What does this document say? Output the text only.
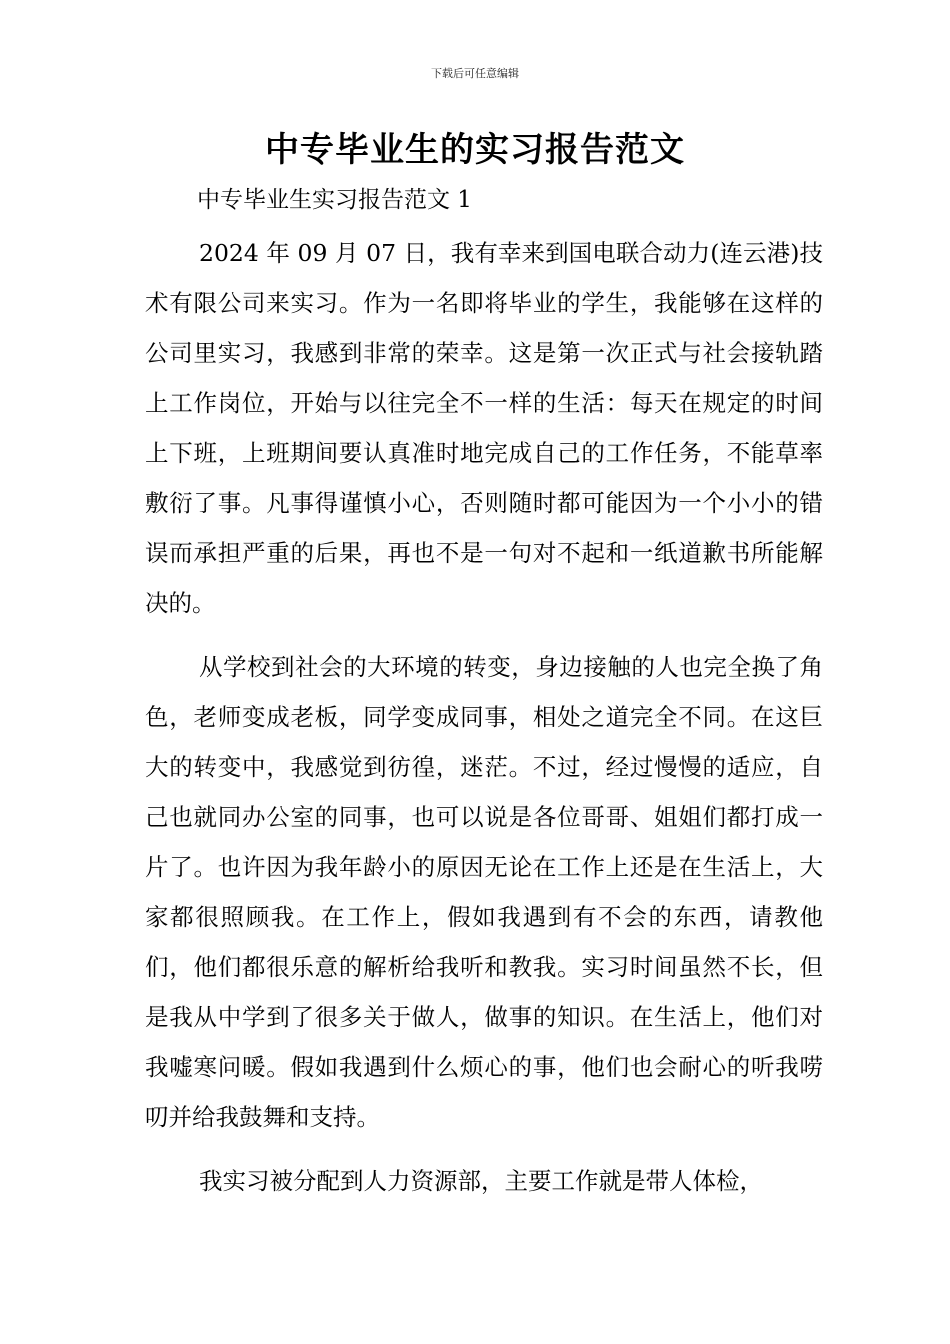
下载后可任意编辑
中专毕业生的实习报告范文

中专毕业生实习报告范文 1

2024 年 09 月 07 日，我有幸来到国电联合动力(连云港)技术有限公司来实习。作为一名即将毕业的学生，我能够在这样的公司里实习，我感到非常的荣幸。这是第一次正式与社会接轨踏上工作岗位，开始与以往完全不一样的生活：每天在规定的时间上下班，上班期间要认真准时地完成自己的工作任务，不能草率敷衍了事。凡事得谨慎小心，否则随时都可能因为一个小小的错误而承担严重的后果，再也不是一句对不起和一纸道歉书所能解决的。

从学校到社会的大环境的转变，身边接触的人也完全换了角色，老师变成老板，同学变成同事，相处之道完全不同。在这巨大的转变中，我感觉到彷徨，迷茫。不过，经过慢慢的适应，自己也就同办公室的同事，也可以说是各位哥哥、姐姐们都打成一片了。也许因为我年龄小的原因无论在工作上还是在生活上，大家都很照顾我。在工作上，假如我遇到有不会的东西，请教他们，他们都很乐意的解析给我听和教我。实习时间虽然不长，但是我从中学到了很多关于做人，做事的知识。在生活上，他们对我嘘寒问暖。假如我遇到什么烦心的事，他们也会耐心的听我唠叨并给我鼓舞和支持。

我实习被分配到人力资源部，主要工作就是带人体检，
